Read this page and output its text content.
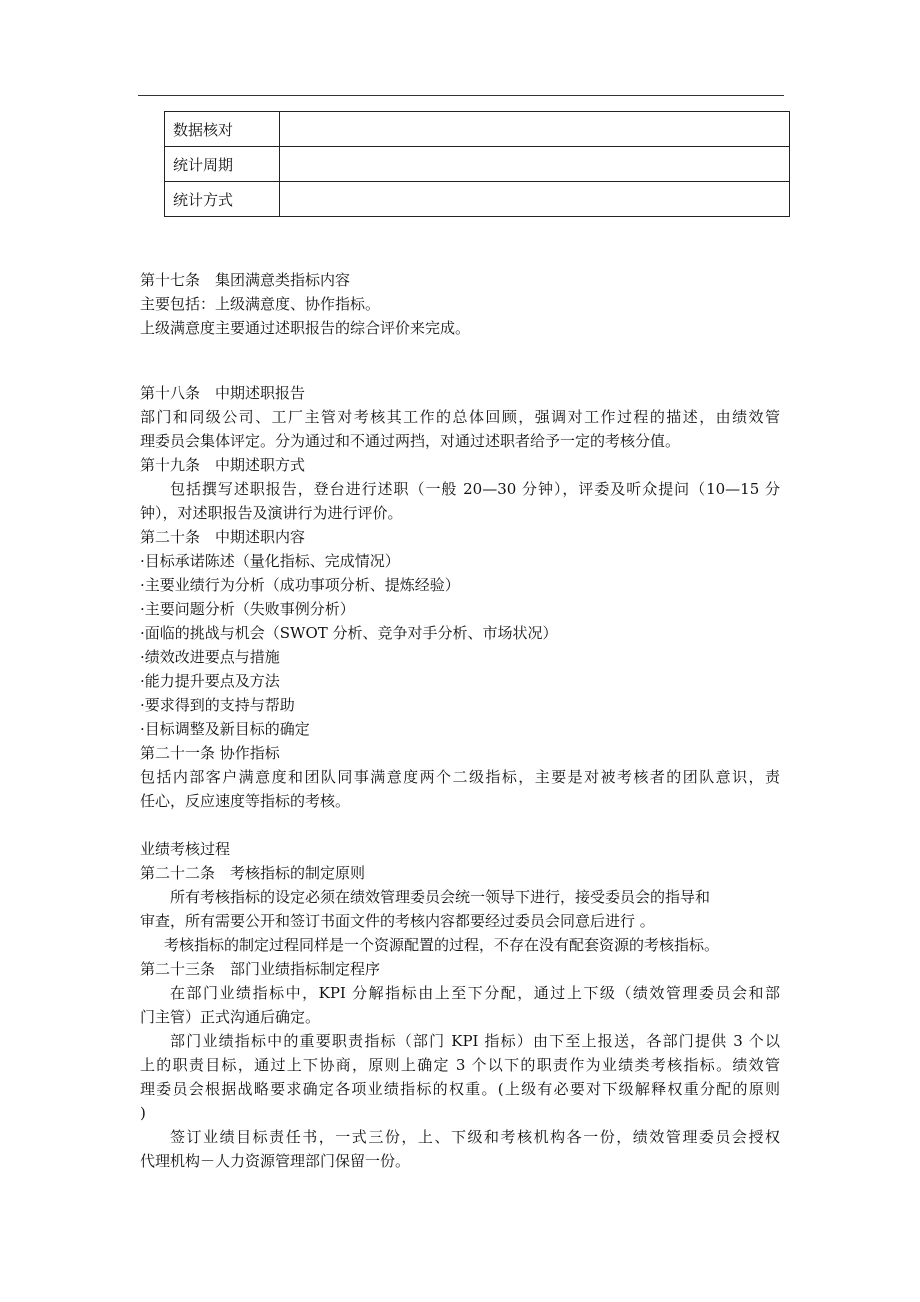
数据核对	
统计周期	
统计方式	
第十七条　集团满意类指标内容
主要包括：上级满意度、协作指标。
上级满意度主要通过述职报告的综合评价来完成。
第十八条　中期述职报告
部门和同级公司、工厂主管对考核其工作的总体回顾，强调对工作过程的描述，由绩效管
理委员会集体评定。分为通过和不通过两挡，对通过述职者给予一定的考核分值。
第十九条　中期述职方式
包括撰写述职报告，登台进行述职（一般 20—30 分钟），评委及听众提问（10—15 分
钟），对述职报告及演讲行为进行评价。
第二十条　中期述职内容
·目标承诺陈述（量化指标、完成情况）
·主要业绩行为分析（成功事项分析、提炼经验）
·主要问题分析（失败事例分析）
·面临的挑战与机会（SWOT 分析、竞争对手分析、市场状况）
·绩效改进要点与措施
·能力提升要点及方法
·要求得到的支持与帮助
·目标调整及新目标的确定
第二十一条 协作指标
包括内部客户满意度和团队同事满意度两个二级指标，主要是对被考核者的团队意识，责
任心，反应速度等指标的考核。
业绩考核过程
第二十二条　考核指标的制定原则
所有考核指标的设定必须在绩效管理委员会统一领导下进行，接受委员会的指导和
审查，所有需要公开和签订书面文件的考核内容都要经过委员会同意后进行 。
考核指标的制定过程同样是一个资源配置的过程，不存在没有配套资源的考核指标。
第二十三条　部门业绩指标制定程序
在部门业绩指标中，KPI 分解指标由上至下分配，通过上下级（绩效管理委员会和部
门主管）正式沟通后确定。
部门业绩指标中的重要职责指标（部门 KPI 指标）由下至上报送，各部门提供 3 个以
上的职责目标，通过上下协商，原则上确定 3 个以下的职责作为业绩类考核指标。绩效管
理委员会根据战略要求确定各项业绩指标的权重。(上级有必要对下级解释权重分配的原则
)
签订业绩目标责任书，一式三份，上、下级和考核机构各一份，绩效管理委员会授权
代理机构－人力资源管理部门保留一份。
